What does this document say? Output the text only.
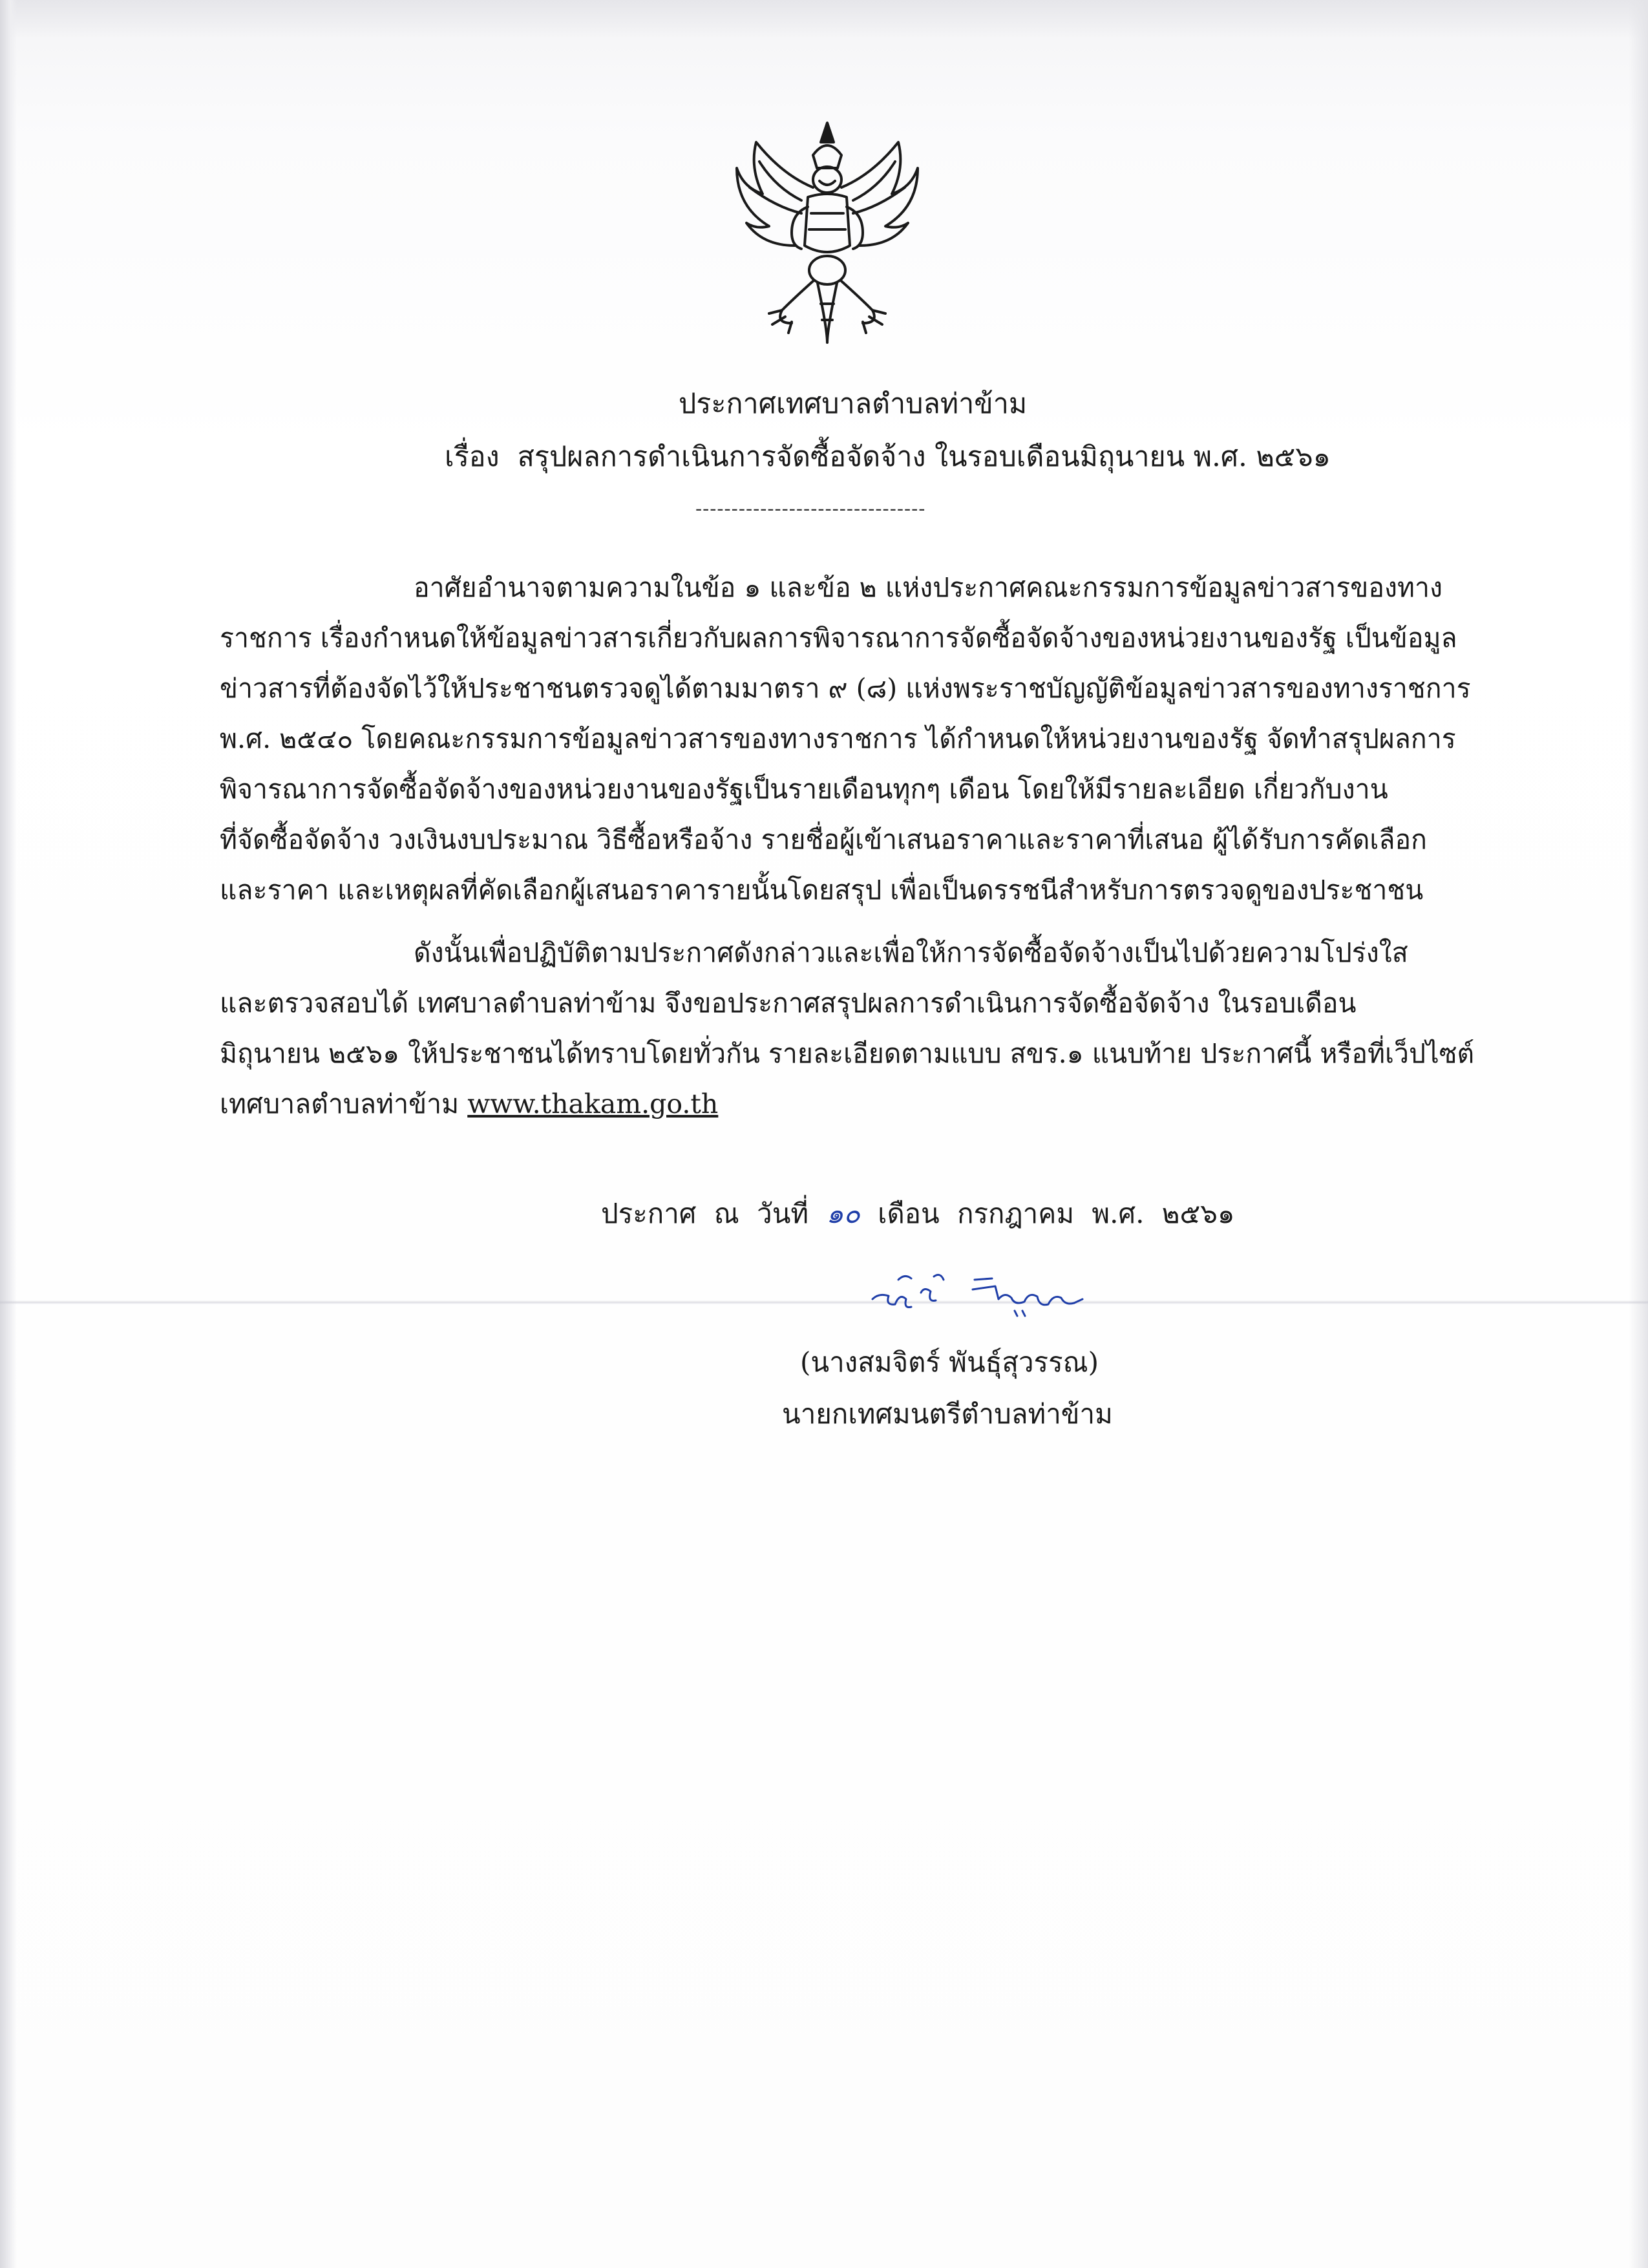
ประกาศเทศบาลตำบลท่าข้าม
เรื่อง สรุปผลการดำเนินการจัดซื้อจัดจ้าง ในรอบเดือนมิถุนายน พ.ศ. ๒๕๖๑
--------------------------------
อาศัยอำนาจตามความในข้อ ๑ และข้อ ๒ แห่งประกาศคณะกรรมการข้อมูลข่าวสารของทาง
ราชการ เรื่องกำหนดให้ข้อมูลข่าวสารเกี่ยวกับผลการพิจารณาการจัดซื้อจัดจ้างของหน่วยงานของรัฐ เป็นข้อมูล
ข่าวสารที่ต้องจัดไว้ให้ประชาชนตรวจดูได้ตามมาตรา ๙ (๘) แห่งพระราชบัญญัติข้อมูลข่าวสารของทางราชการ
พ.ศ. ๒๕๔๐ โดยคณะกรรมการข้อมูลข่าวสารของทางราชการ ได้กำหนดให้หน่วยงานของรัฐ จัดทำสรุปผลการ
พิจารณาการจัดซื้อจัดจ้างของหน่วยงานของรัฐเป็นรายเดือนทุกๆ เดือน โดยให้มีรายละเอียด เกี่ยวกับงาน
ที่จัดซื้อจัดจ้าง วงเงินงบประมาณ วิธีซื้อหรือจ้าง รายชื่อผู้เข้าเสนอราคาและราคาที่เสนอ ผู้ได้รับการคัดเลือก
และราคา และเหตุผลที่คัดเลือกผู้เสนอราคารายนั้นโดยสรุป เพื่อเป็นดรรชนีสำหรับการตรวจดูของประชาชน
ดังนั้นเพื่อปฏิบัติตามประกาศดังกล่าวและเพื่อให้การจัดซื้อจัดจ้างเป็นไปด้วยความโปร่งใส
และตรวจสอบได้ เทศบาลตำบลท่าข้าม จึงขอประกาศสรุปผลการดำเนินการจัดซื้อจัดจ้าง ในรอบเดือน
มิถุนายน ๒๕๖๑ ให้ประชาชนได้ทราบโดยทั่วกัน รายละเอียดตามแบบ สขร.๑ แนบท้าย ประกาศนี้ หรือที่เว็ปไซต์
เทศบาลตำบลท่าข้าม www.thakam.go.th
ประกาศ ณ วันที่ ๑๐ เดือน กรกฎาคม พ.ศ. ๒๕๖๑
(นางสมจิตร์ พันธุ์สุวรรณ)
นายกเทศมนตรีตำบลท่าข้าม
